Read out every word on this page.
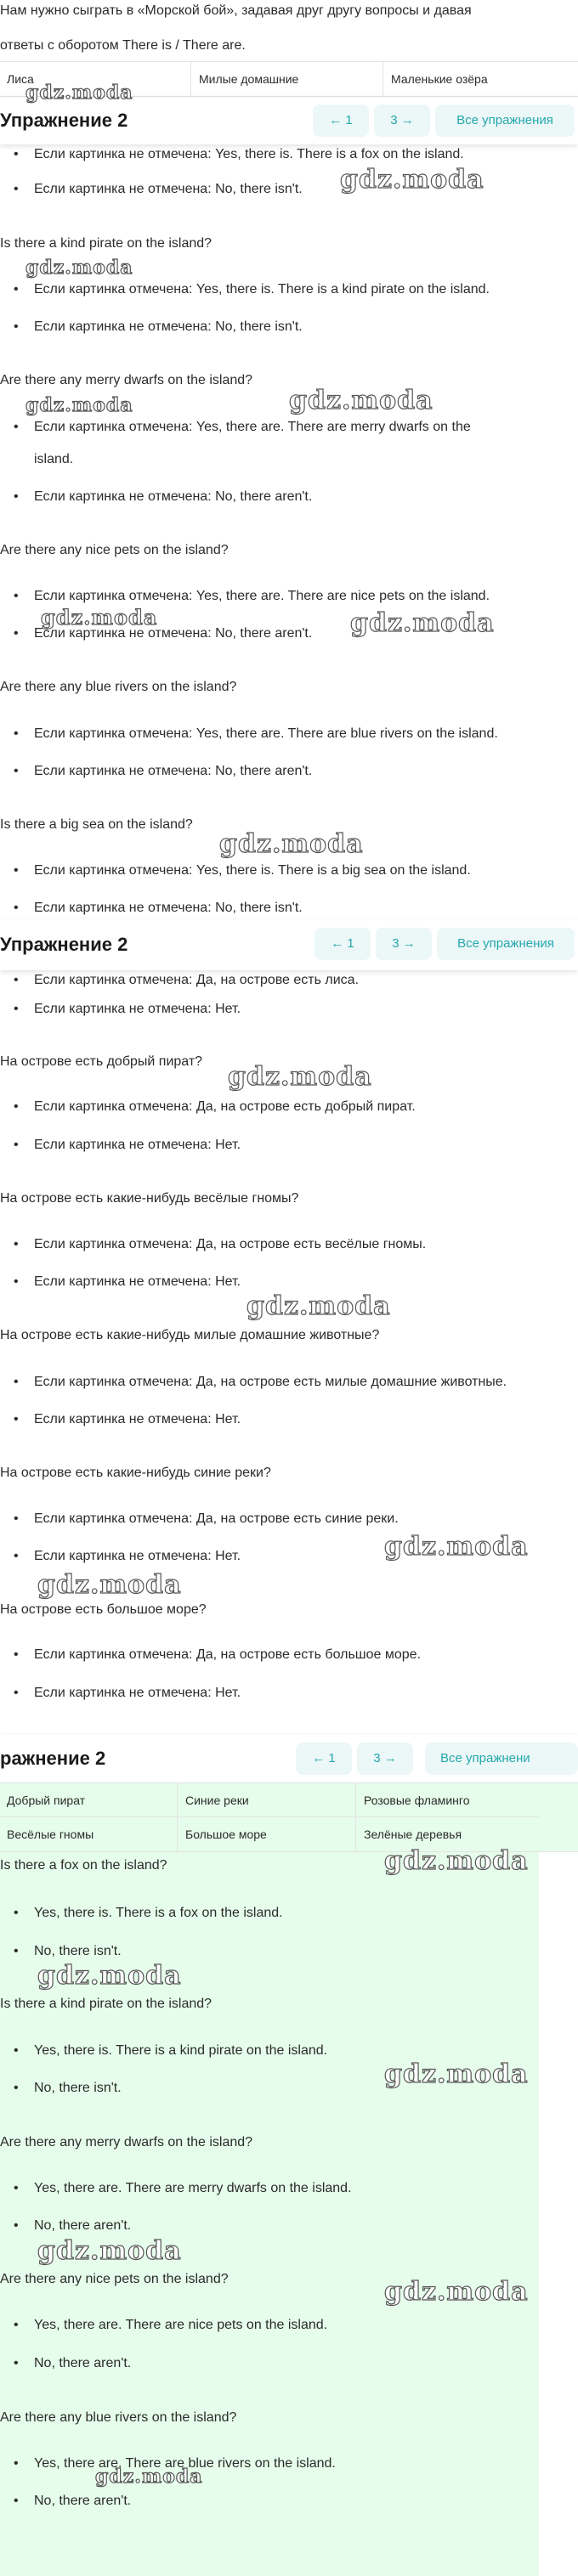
Нам нужно сыграть в «Морской бой», задавая друг другу вопросы и давая
ответы с оборотом There is / There are.
Лиса	Милые домашние	Маленькие озёра
Упражнение 2	← 1	3 →	Все упражнения
• Если картинка не отмечена: Yes, there is. There is a fox on the island.
• Если картинка не отмечена: No, there isn't.
Is there a kind pirate on the island?
• Если картинка отмечена: Yes, there is. There is a kind pirate on the island.
• Если картинка не отмечена: No, there isn't.
Are there any merry dwarfs on the island?
• Если картинка отмечена: Yes, there are. There are merry dwarfs on the
island.
• Если картинка не отмечена: No, there aren't.
Are there any nice pets on the island?
• Если картинка отмечена: Yes, there are. There are nice pets on the island.
• Если картинка не отмечена: No, there aren't.
Are there any blue rivers on the island?
• Если картинка отмечена: Yes, there are. There are blue rivers on the island.
• Если картинка не отмечена: No, there aren't.
Is there a big sea on the island?
• Если картинка отмечена: Yes, there is. There is a big sea on the island.
• Если картинка не отмечена: No, there isn't.
Упражнение 2	← 1	3 →	Все упражнения
• Если картинка отмечена: Да, на острове есть лиса.
• Если картинка не отмечена: Нет.
На острове есть добрый пират?
• Если картинка отмечена: Да, на острове есть добрый пират.
• Если картинка не отмечена: Нет.
На острове есть какие-нибудь весёлые гномы?
• Если картинка отмечена: Да, на острове есть весёлые гномы.
• Если картинка не отмечена: Нет.
На острове есть какие-нибудь милые домашние животные?
• Если картинка отмечена: Да, на острове есть милые домашние животные.
• Если картинка не отмечена: Нет.
На острове есть какие-нибудь синие реки?
• Если картинка отмечена: Да, на острове есть синие реки.
• Если картинка не отмечена: Нет.
На острове есть большое море?
• Если картинка отмечена: Да, на острове есть большое море.
• Если картинка не отмечена: Нет.
ражнение 2	← 1	3 →	Все упражнени
Добрый пират	Синие реки	Розовые фламинго
Весёлые гномы	Большое море	Зелёные деревья
Is there a fox on the island?
• Yes, there is. There is a fox on the island.
• No, there isn't.
Is there a kind pirate on the island?
• Yes, there is. There is a kind pirate on the island.
• No, there isn't.
Are there any merry dwarfs on the island?
• Yes, there are. There are merry dwarfs on the island.
• No, there aren't.
Are there any nice pets on the island?
• Yes, there are. There are nice pets on the island.
• No, there aren't.
Are there any blue rivers on the island?
• Yes, there are. There are blue rivers on the island.
• No, there aren't.
gdz.moda
gdz.moda
gdz.moda
gdz.moda
gdz.moda
gdz.moda	gdz.moda
gdz.moda
gdz.moda
gdz.moda
gdz.moda
gdz.moda
gdz.moda
gdz.moda
gdz.moda
gdz.moda
gdz.moda
gdz.moda
